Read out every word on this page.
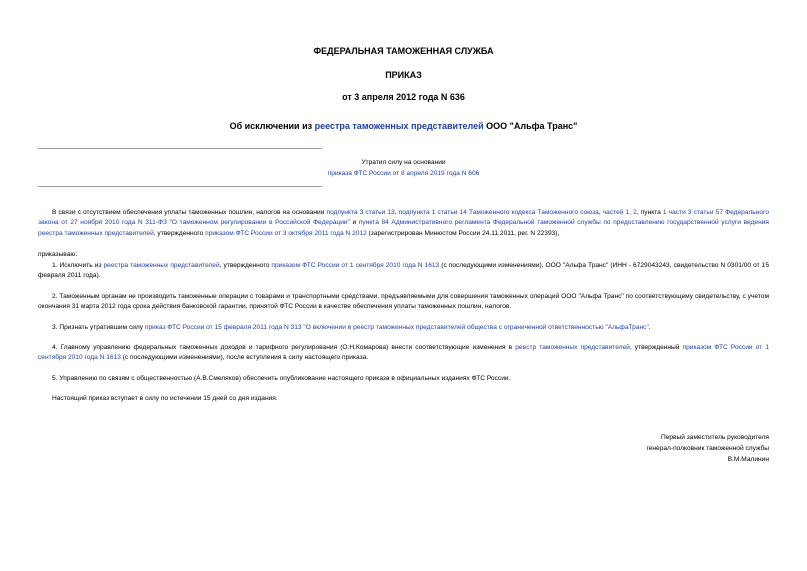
ФЕДЕРАЛЬНАЯ ТАМОЖЕННАЯ СЛУЖБА
ПРИКАЗ
от 3 апреля 2012 года N 636
Об исключении из реестра таможенных представителей ООО "Альфа Транс"
Утратил силу на основании
приказа ФТС России от 8 апреля 2019 года N 606
В связи с отсутствием обеспечения уплаты таможенных пошлин, налогов на основании подпункта 3 статьи 13, подпункта 1 статьи 14 Таможенного кодекса Таможенного союза, частей 1, 2, пункта 1 части 3 статьи 57 Федерального закона от 27 ноября 2010 года N 311-ФЗ "О таможенном регулировании в Российской Федерации" и пункта 84 Административного регламента Федеральной таможенной службы по предоставлению государственной услуги ведения реестра таможенных представителей, утвержденного приказом ФТС России от 3 октября 2011 года N 2012 (зарегистрирован Минюстом России 24.11.2011, рег. N 22393),
приказываю:
1. Исключить из реестра таможенных представителей, утвержденного приказом ФТС России от 1 сентября 2010 года N 1613 (с последующими изменениями), ООО "Альфа Транс" (ИНН - 6729043243, свидетельство N 0301/00 от 15 февраля 2011 года).
2. Таможенным органам не производить таможенные операции с товарами и транспортными средствами, предъявляемыми для совершения таможенных операций ООО "Альфа Транс" по соответствующему свидетельству, с учетом окончания 31 марта 2012 года срока действия банковской гарантии, принятой ФТС России в качестве обеспечения уплаты таможенных пошлин, налогов.
3. Признать утратившим силу приказ ФТС России от 15 февраля 2011 года N 313 "О включении в реестр таможенных представителей общества с ограниченной ответственностью "АльфаТранс".
4. Главному управлению федеральных таможенных доходов и тарифного регулирования (О.Н.Комарова) внести соответствующие изменения в реестр таможенных представителей, утвержденный приказом ФТС России от 1 сентября 2010 года N 1613 (с последующими изменениями), после вступления в силу настоящего приказа.
5. Управлению по связям с общественностью (А.В.Смеляков) обеспечить опубликование настоящего приказа в официальных изданиях ФТС России.
Настоящий приказ вступает в силу по истечении 15 дней со дня издания.
Первый заместитель руководителя
генерал-полковник таможенной службы
В.М.Малинин
